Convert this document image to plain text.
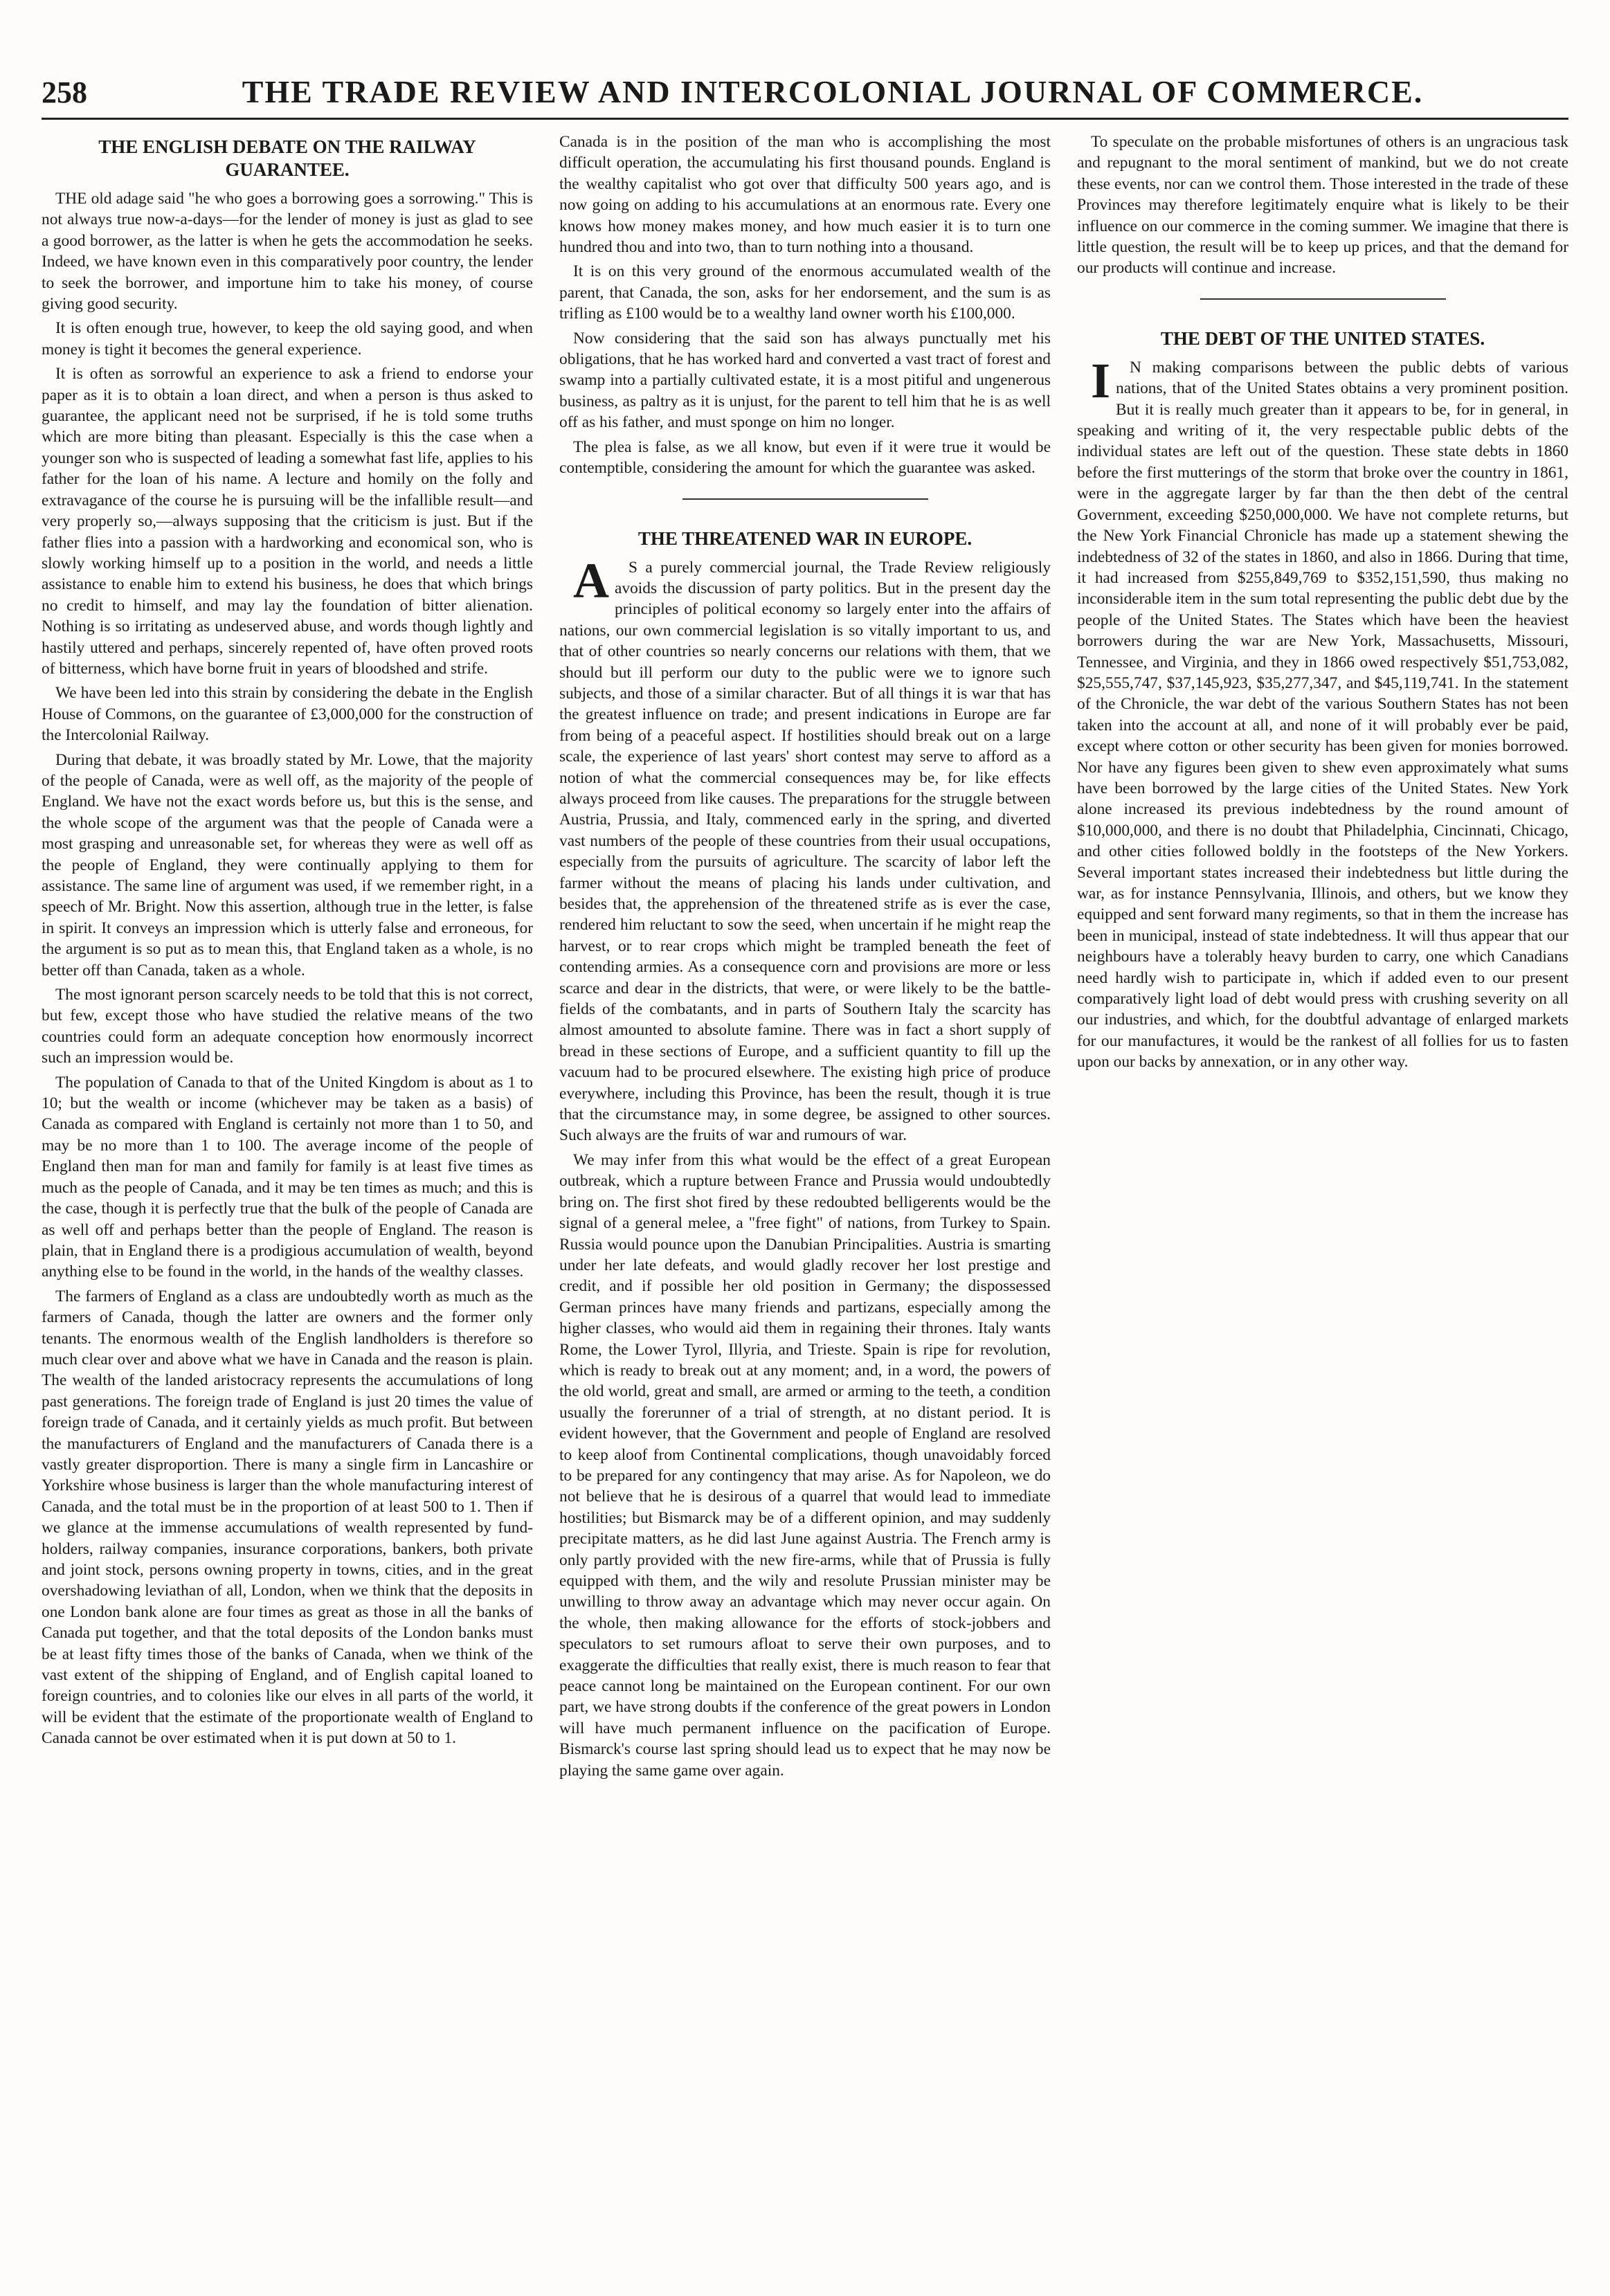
258	THE TRADE REVIEW AND INTERCOLONIAL JOURNAL OF COMMERCE.
THE ENGLISH DEBATE ON THE RAILWAY GUARANTEE.

THE old adage said "he who goes a borrowing goes a sorrowing." This is not always true now-a-days—for the lender of money is just as glad to see a good borrower, as the latter is when he gets the accommodation he seeks. Indeed, we have known even in this comparatively poor country, the lender to seek the borrower, and importune him to take his money, of course giving good security.

It is often enough true, however, to keep the old saying good, and when money is tight it becomes the general experience.

It is often as sorrowful an experience to ask a friend to endorse your paper as it is to obtain a loan direct, and when a person is thus asked to guarantee, the applicant need not be surprised, if he is told some truths which are more biting than pleasant. Especially is this the case when a younger son who is suspected of leading a somewhat fast life, applies to his father for the loan of his name. A lecture and homily on the folly and extravagance of the course he is pursuing will be the infallible result—and very properly so,—always supposing that the criticism is just. But if the father flies into a passion with a hardworking and economical son, who is slowly working himself up to a position in the world, and needs a little assistance to enable him to extend his business, he does that which brings no credit to himself, and may lay the foundation of bitter alienation. Nothing is so irritating as undeserved abuse, and words though lightly and hastily uttered and perhaps, sincerely repented of, have often proved roots of bitterness, which have borne fruit in years of bloodshed and strife.

We have been led into this strain by considering the debate in the English House of Commons, on the guarantee of £3,000,000 for the construction of the Intercolonial Railway.

During that debate, it was broadly stated by Mr. Lowe, that the majority of the people of Canada, were as well off, as the majority of the people of England. We have not the exact words before us, but this is the sense, and the whole scope of the argument was that the people of Canada were a most grasping and unreasonable set, for whereas they were as well off as the people of England, they were continually applying to them for assistance. The same line of argument was used, if we remember right, in a speech of Mr. Bright. Now this assertion, although true in the letter, is false in spirit. It conveys an impression which is utterly false and erroneous, for the argument is so put as to mean this, that England taken as a whole, is no better off than Canada, taken as a whole.

The most ignorant person scarcely needs to be told that this is not correct, but few, except those who have studied the relative means of the two countries could form an adequate conception how enormously incorrect such an impression would be.

The population of Canada to that of the United Kingdom is about as 1 to 10; but the wealth or income (whichever may be taken as a basis) of Canada as compared with England is certainly not more than 1 to 50, and may be no more than 1 to 100. The average income of the people of England then man for man and family for family is at least five times as much as the people of Canada, and it may be ten times as much; and this is the case, though it is perfectly true that the bulk of the people of Canada are as well off and perhaps better than the people of England. The reason is plain, that in England there is a prodigious accumulation of wealth, beyond anything else to be found in the world, in the hands of the wealthy classes.

The farmers of England as a class are undoubtedly worth as much as the farmers of Canada, though the latter are owners and the former only tenants. The enormous wealth of the English landholders is therefore so much clear over and above what we have in Canada and the reason is plain. The wealth of the landed aristocracy represents the accumulations of long past generations. The foreign trade of England is just 20 times the value of foreign trade of Canada, and it certainly yields as much profit. But between the manufacturers of England and the manufacturers of Canada there is a vastly greater disproportion. There is many a single firm in Lancashire or Yorkshire whose business is larger than the whole manufacturing interest of Canada, and the total must be in the proportion of at least 500 to 1. Then if we glance at the immense accumulations of wealth represented by fund-holders, railway companies, insurance corporations, bankers, both private and joint stock, persons owning property in towns, cities, and in the great overshadowing leviathan of all, London, when we think that the deposits in one London bank alone are four times as great as those in all the banks of Canada put together, and that the total deposits of the London banks must be at least fifty times those of the banks of Canada, when we think of the vast extent of the shipping of England, and of English capital loaned to foreign countries, and to colonies like our elves in all parts of the world, it will be evident that the estimate of the proportionate wealth of England to Canada cannot be over estimated when it is put down at 50 to 1.

Canada is in the position of the man who is accomplishing the most difficult operation, the accumulating his first thousand pounds. England is the wealthy capitalist who got over that difficulty 500 years ago, and is now going on adding to his accumulations at an enormous rate. Every one knows how money makes money, and how much easier it is to turn one hundred thou and into two, than to turn nothing into a thousand.

It is on this very ground of the enormous accumulated wealth of the parent, that Canada, the son, asks for her endorsement, and the sum is as trifling as £100 would be to a wealthy land owner worth his £100,000.

Now considering that the said son has always punctually met his obligations, that he has worked hard and converted a vast tract of forest and swamp into a partially cultivated estate, it is a most pitiful and ungenerous business, as paltry as it is unjust, for the parent to tell him that he is as well off as his father, and must sponge on him no longer.

The plea is false, as we all know, but even if it were true it would be contemptible, considering the amount for which the guarantee was asked.

THE THREATENED WAR IN EUROPE.

AS a purely commercial journal, the Trade Review religiously avoids the discussion of party politics. But in the present day the principles of political economy so largely enter into the affairs of nations, our own commercial legislation is so vitally important to us, and that of other countries so nearly concerns our relations with them, that we should but ill perform our duty to the public were we to ignore such subjects, and those of a similar character. But of all things it is war that has the greatest influence on trade; and present indications in Europe are far from being of a peaceful aspect. If hostilities should break out on a large scale, the experience of last years' short contest may serve to afford as a notion of what the commercial consequences may be, for like effects always proceed from like causes. The preparations for the struggle between Austria, Prussia, and Italy, commenced early in the spring, and diverted vast numbers of the people of these countries from their usual occupations, especially from the pursuits of agriculture. The scarcity of labor left the farmer without the means of placing his lands under cultivation, and besides that, the apprehension of the threatened strife as is ever the case, rendered him reluctant to sow the seed, when uncertain if he might reap the harvest, or to rear crops which might be trampled beneath the feet of contending armies. As a consequence corn and provisions are more or less scarce and dear in the districts, that were, or were likely to be the battle-fields of the combatants, and in parts of Southern Italy the scarcity has almost amounted to absolute famine. There was in fact a short supply of bread in these sections of Europe, and a sufficient quantity to fill up the vacuum had to be procured elsewhere. The existing high price of produce everywhere, including this Province, has been the result, though it is true that the circumstance may, in some degree, be assigned to other sources. Such always are the fruits of war and rumours of war.

We may infer from this what would be the effect of a great European outbreak, which a rupture between France and Prussia would undoubtedly bring on. The first shot fired by these redoubted belligerents would be the signal of a general melee, a "free fight" of nations, from Turkey to Spain. Russia would pounce upon the Danubian Principalities. Austria is smarting under her late defeats, and would gladly recover her lost prestige and credit, and if possible her old position in Germany; the dispossessed German princes have many friends and partizans, especially among the higher classes, who would aid them in regaining their thrones. Italy wants Rome, the Lower Tyrol, Illyria, and Trieste. Spain is ripe for revolution, which is ready to break out at any moment; and, in a word, the powers of the old world, great and small, are armed or arming to the teeth, a condition usually the forerunner of a trial of strength, at no distant period. It is evident however, that the Government and people of England are resolved to keep aloof from Continental complications, though unavoidably forced to be prepared for any contingency that may arise. As for Napoleon, we do not believe that he is desirous of a quarrel that would lead to immediate hostilities; but Bismarck may be of a different opinion, and may suddenly precipitate matters, as he did last June against Austria. The French army is only partly provided with the new fire-arms, while that of Prussia is fully equipped with them, and the wily and resolute Prussian minister may be unwilling to throw away an advantage which may never occur again. On the whole, then making allowance for the efforts of stock-jobbers and speculators to set rumours afloat to serve their own purposes, and to exaggerate the difficulties that really exist, there is much reason to fear that peace cannot long be maintained on the European continent. For our own part, we have strong doubts if the conference of the great powers in London will have much permanent influence on the pacification of Europe. Bismarck's course last spring should lead us to expect that he may now be playing the same game over again.

To speculate on the probable misfortunes of others is an ungracious task and repugnant to the moral sentiment of mankind, but we do not create these events, nor can we control them. Those interested in the trade of these Provinces may therefore legitimately enquire what is likely to be their influence on our commerce in the coming summer. We imagine that there is little question, the result will be to keep up prices, and that the demand for our products will continue and increase.

THE DEBT OF THE UNITED STATES.

IN making comparisons between the public debts of various nations, that of the United States obtains a very prominent position. But it is really much greater than it appears to be, for in general, in speaking and writing of it, the very respectable public debts of the individual states are left out of the question. These state debts in 1860 before the first mutterings of the storm that broke over the country in 1861, were in the aggregate larger by far than the then debt of the central Government, exceeding $250,000,000. We have not complete returns, but the New York Financial Chronicle has made up a statement shewing the indebtedness of 32 of the states in 1860, and also in 1866. During that time, it had increased from $255,849,769 to $352,151,590, thus making no inconsiderable item in the sum total representing the public debt due by the people of the United States. The States which have been the heaviest borrowers during the war are New York, Massachusetts, Missouri, Tennessee, and Virginia, and they in 1866 owed respectively $51,753,082, $25,555,747, $37,145,923, $35,277,347, and $45,119,741. In the statement of the Chronicle, the war debt of the various Southern States has not been taken into the account at all, and none of it will probably ever be paid, except where cotton or other security has been given for monies borrowed. Nor have any figures been given to shew even approximately what sums have been borrowed by the large cities of the United States. New York alone increased its previous indebtedness by the round amount of $10,000,000, and there is no doubt that Philadelphia, Cincinnati, Chicago, and other cities followed boldly in the footsteps of the New Yorkers. Several important states increased their indebtedness but little during the war, as for instance Pennsylvania, Illinois, and others, but we know they equipped and sent forward many regiments, so that in them the increase has been in municipal, instead of state indebtedness. It will thus appear that our neighbours have a tolerably heavy burden to carry, one which Canadians need hardly wish to participate in, which if added even to our present comparatively light load of debt would press with crushing severity on all our industries, and which, for the doubtful advantage of enlarged markets for our manufactures, it would be the rankest of all follies for us to fasten upon our backs by annexation, or in any other way.
